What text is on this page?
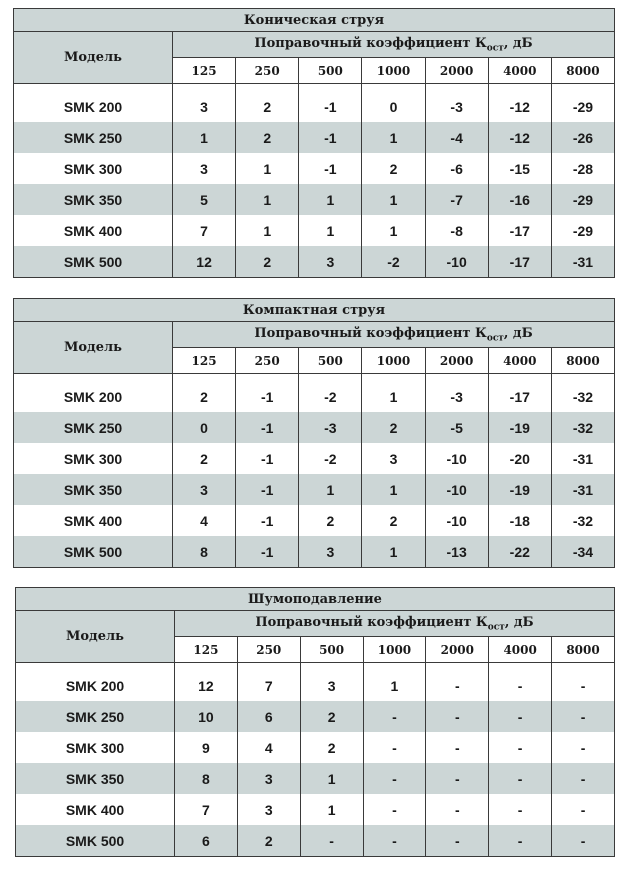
Коническая струя							
Модель	Поправочный коэффициент $К_{ост}$, дБ						
	125	250	500	1000	2000	4000	8000

SMK 200	3	2	-1	0	-3	-12	-29
SMK 250	1	2	-1	1	-4	-12	-26
SMK 300	3	1	-1	2	-6	-15	-28
SMK 350	5	1	1	1	-7	-16	-29
SMK 400	7	1	1	1	-8	-17	-29
SMK 500	12	2	3	-2	-10	-17	-31
Компактная струя							
Модель	Поправочный коэффициент $К_{ост}$, дБ						
	125	250	500	1000	2000	4000	8000

SMK 200	2	-1	-2	1	-3	-17	-32
SMK 250	0	-1	-3	2	-5	-19	-32
SMK 300	2	-1	-2	3	-10	-20	-31
SMK 350	3	-1	1	1	-10	-19	-31
SMK 400	4	-1	2	2	-10	-18	-32
SMK 500	8	-1	3	1	-13	-22	-34
Шумоподавление							
Модель	Поправочный коэффициент $К_{ост}$, дБ						
	125	250	500	1000	2000	4000	8000

SMK 200	12	7	3	1	-	-	-
SMK 250	10	6	2	-	-	-	-
SMK 300	9	4	2	-	-	-	-
SMK 350	8	3	1	-	-	-	-
SMK 400	7	3	1	-	-	-	-
SMK 500	6	2	-	-	-	-	-
